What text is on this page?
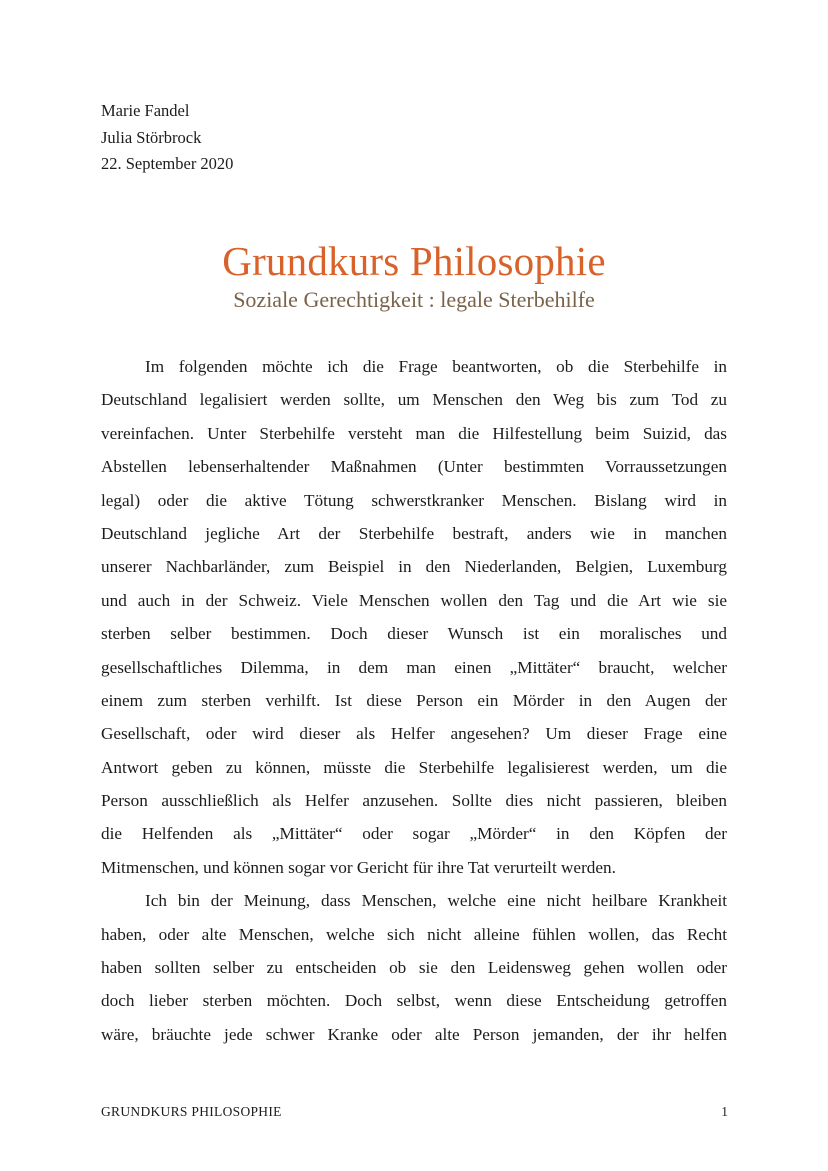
Marie Fandel
Julia Störbrock
22. September 2020
Grundkurs Philosophie
Soziale Gerechtigkeit : legale Sterbehilfe
Im folgenden möchte ich die Frage beantworten, ob die Sterbehilfe in
Deutschland legalisiert werden sollte, um Menschen den Weg bis zum Tod zu
vereinfachen. Unter Sterbehilfe versteht man die Hilfestellung beim Suizid, das
Abstellen lebenserhaltender Maßnahmen (Unter bestimmten Vorraussetzungen
legal) oder die aktive Tötung schwerstkranker Menschen. Bislang wird in
Deutschland jegliche Art der Sterbehilfe bestraft, anders wie in manchen
unserer Nachbarländer, zum Beispiel in den Niederlanden, Belgien, Luxemburg
und auch in der Schweiz. Viele Menschen wollen den Tag und die Art wie sie
sterben selber bestimmen. Doch dieser Wunsch ist ein moralisches und
gesellschaftliches Dilemma, in dem man einen „Mittäter“ braucht, welcher
einem zum sterben verhilft. Ist diese Person ein Mörder in den Augen der
Gesellschaft, oder wird dieser als Helfer angesehen? Um dieser Frage eine
Antwort geben zu können, müsste die Sterbehilfe legalisierest werden, um die
Person ausschließlich als Helfer anzusehen. Sollte dies nicht passieren, bleiben
die Helfenden als „Mittäter“ oder sogar „Mörder“ in den Köpfen der
Mitmenschen, und können sogar vor Gericht für ihre Tat verurteilt werden.
Ich bin der Meinung, dass Menschen, welche eine nicht heilbare Krankheit
haben, oder alte Menschen, welche sich nicht alleine fühlen wollen, das Recht
haben sollten selber zu entscheiden ob sie den Leidensweg gehen wollen oder
doch lieber sterben möchten. Doch selbst, wenn diese Entscheidung getroffen
wäre, bräuchte jede schwer Kranke oder alte Person jemanden, der ihr helfen
GRUNDKURS PHILOSOPHIE	1
